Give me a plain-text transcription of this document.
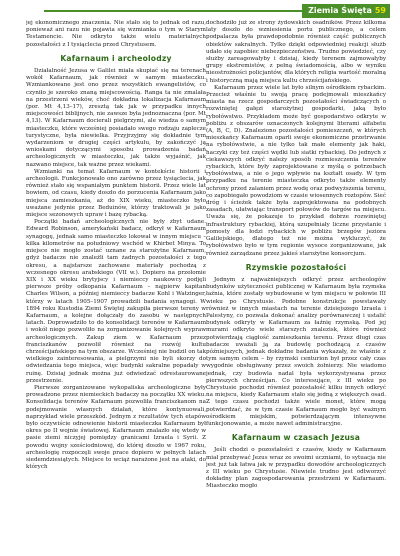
Ziemia Święta 59

jej ekonomicznego znaczenia. Nie stało się to jednak od razu, ponieważ ani razu nie pojawia się wzmianka o tym w Starym Testamencie. Nie odkryto także wielu materialnych pozostałości z I tysiąclecia przed Chrystusem.

Kafarnaum i archeolodzy

Działalność Jezusa w Galilei miała skupiać się na terenach wokół Kafarnaum, jak również w samym miasteczku. Wzmiankowane jest ono przez wszystkich ewangelistów, co czyniło je szeroko znaną miejscowością. Ranga ta nie zmalała na przestrzeni wieków, choć dokładna lokalizacja Kafarnaum (por. Mt 4,13–17), zresztą tak jak w przypadku innych miejscowości biblijnych, nie zawsze była jednoznaczna (por. Mt 4,13). W Kafarnaum docierali pielgrzymi, ale wiedza o samym miasteczku, które wcześniej posiadało swego rodzaju zaplecze turystyczne, była niewielka. Przyjrzyjmy się dokładnie tym wydarzeniom w drugiej części artykułu, by zakończyć ją wnioskami dotyczącymi sposobu prowadzenia badań archeologicznych w miasteczku, jak także wyjaśnić, jak nazwano miejsce, tak ważne przez wiekami.

Wzmianki na temat Kafarnaum w kontekście historii i archeologii. Funkcjonowało ono zarówno przez tysiąclecia, jak również stało się wspaniałym punktem historii. Przez wiele lat bowiem, od czasu, kiedy doszło do porzucenia Kafarnaum jako miejsca zamieszkania, aż do XIX wieku, miasteczko było uważane jedynie przez Beduinów, którzy traktowali je jako miejsce sezonowych upraw i bazę rybacką.

Początki badań archeologicznych nie były zbyt udane. Edward Robinson, amerykański badacz, odkrył w Kafarnaum synagogę, jednak samo miasteczko lokował w innym miejscu – kilka kilometrów na południowy wschód w Khirbet Minya. To miejsce nie mogło zostać uznane za starożytne Kafarnaum, gdyż badacze nie znaleźli tam żadnych pozostałości z tego okresu, a najstarsze zachowane materiały pochodzą z wczesnego okresu arabskiego (VII w.). Dopiero na przełomie XIX i XX wieku brytyjscy i niemieccy naukowcy podjęli pierwsze próby odkopania Kafarnaum – najpierw kapitan Charles Wilson, a później niemieccy badacze Kohl i Watzinger, którzy w latach 1905–1907 prowadzili badania synagogi. W 1894 roku Kustodia Ziemi Świętej zakupiła pierwsze tereny w Kafarnaum, a kolejne dołączały do zasobu w następnych latach. Doprowadziło to do konsolidacji terenów w Kafarnaum i wokół niego pozwoliło na zorganizowanie kolejnych wypraw archeologicznych. Zakup ziem w Kafarnaum przez franciszkanów pozwolił również na rozwój kultu chrześcijańskiego na tym obszarze. Wcześniej nie budził on tak wielkiego zainteresowania, a pielgrzymi nie byli skorzy do odwiedzania tego miejsca, więc budynki sakralne popadały w ruinę. Dzisiaj jednak można już odwiedzać odrestaurowane przestrzenie.

Pierwsze zorganizowane wykopaliska archeologiczne były prowadzone przez niemieckich badaczy na początku XX wieku. Konsolidacja terenów Kafarnaum pozwoliła franciszkanom na podejmowanie własnych działań, które kontynuowali, naprzykład wiele przeszkód. Jednym z rezultatów tych etapów było oczywiście odnowienie historii miasteczka Kafarnaum był okres po II wojnie światowej. Kafarnaum znalazło się wtedy w pasie ziemi niczyjej pomiędzy granicami Izraela i Syrii. Z powodu wojny sześciodniowej, do której doszło w 1967 roku, archeologię rozpoczęli swoje prace dopiero w pełnych latach siedemdziesiątych. Miejsce to wciąż narażone jest na ataki, do których

dochodziło już ze strony żydowskich osadników. Przez kilkoma laty doszło do wzniesienia portu publicznego, a celem podpalacza była prawdopodobnie również część publicznych obiektów sakralnych. Tylko dzięki odpowiedniej reakcji służb udało się zapobiec niebezpieczeństwu. Trudno powiedzieć, czy służby zareagowałyby i dzisiaj, kiedy terenem zajmowałyby grupy ekstremistów, z pełną świadomością, albo w wyniku nieostrożności policjantów, dla których religia wartość moralną i historyczną mają miejsca kultu chrześcijańskiego.

Kafarnaum przez wiele lat było silnym ośrodkiem rybackim. Przecież właśnie tu swoją pracę podejmowali mieszkańcy miasta na rzecz gospodarczych pozostałości świadczących o rozwiniętej gałęzi starożytnej gospodarki, jaką było rybołówstwo. Przykładem może być gospodarstwo odkryte w pobliżu z obszarów oznaczonych kolejnymi literami alfabetu (A, B, C, D). Znaleziono pozostałości pomieszczeń, w których mieszkańcy Kafarnaum oparli swoje ekonomiczne przetrwanie na rybołówstwie, a nie tylko tak małe elementy jak haki, haczyki czy też części wędki lub siatki rybackiej. Do jednych z ciekawszych odkryć należy sposób rozmieszczenia terenów rybackich, które były zaprojektowane z myślą o potrzebach rybołówstwa, a nie o jego wpływie na kształt osady. W tym przypadku na terenie miasteczka odkryto także elementy ochrony przed zalaniem przez wodę oraz podwyższenia terenu, co zapobiegało powodziom w czasie wiosennych roztopów. Sieć dróg i ścieżek także była zaprojektowana na podobnych zasadach, ułatwiając transport połowów do targów na miejscu. Uważa się, że pokazuje to przykład dobrze rozwiniętej infrastruktury rybackiej, którą uzupełniały liczne przystanie i pomosty dla łodzi rybackich w pobliżu brzegów jeziora Galilejskiego, dlatego też nie można wykluczyć, że rybołówstwo było w tym regionie wysoce zorganizowane, jak również zarządzane przez jakieś starożytne konsorcjum.

Rzymskie pozostałości

Jednym z najważniejszych odkryć przez archeologów budynków użyteczności publicznej w Kafarnaum była rzymska łaźnia, które zostały wybudowane w tym miejscu w połowie III wieku po Chrystusie. Podobne konstrukcje powstawały również w innych miastach na terenie dzisiejszego Izraela i Palestyny, co pozwala dokonać analizy porównawczej i ustalić budynek odkryty w Kafarnaum za łaźnię rzymską. Pod jej murami odkryto wiele starszych znalezisk, które również potwierdzają ciągłość zamieszkania terenu. Przez długi czas badacze uważali ją za budowlę pochodzącą z czasów późniejszych, jednak dokładne badania wykazały, że właśnie z tym samym celem – by rzymski centurion był przez cały czas wygodnie obsługiwany przez swoich żołnierzy. Nie wiadomo jednak, czy budowla nadal była wykorzystywana przez pierwszych chrześcijan. Co interesujące, z III wieku po Chrystusie pochodzi również pozostałość kilku innych odkryć na miejscu, kiedy Kafarnaum stało się jedną z większych osad. Z tego czasu pochodzi także wiele monet, które mogą potwierdzać, że w tym czasie Kafarnaum mogło być ważnym ośrodkiem miejskim, potwierdzającym intensywne funkcjonowanie, a może nawet administracyjne.

Kafarnaum w czasach Jezusa

Jeśli chodzi o pozostałości z czasów, kiedy w Kafarnaum miał przebywać Jezus wraz ze swoimi uczniami, to sytuacja nie jest już tak łatwa jak w przypadku dowodów archeologicznych z III wieku po Chrystusie. Niewiele trudno jest odtworzyć dokładny plan zagospodarowania przestrzeni w Kafarnaum. Miasteczko mogło
